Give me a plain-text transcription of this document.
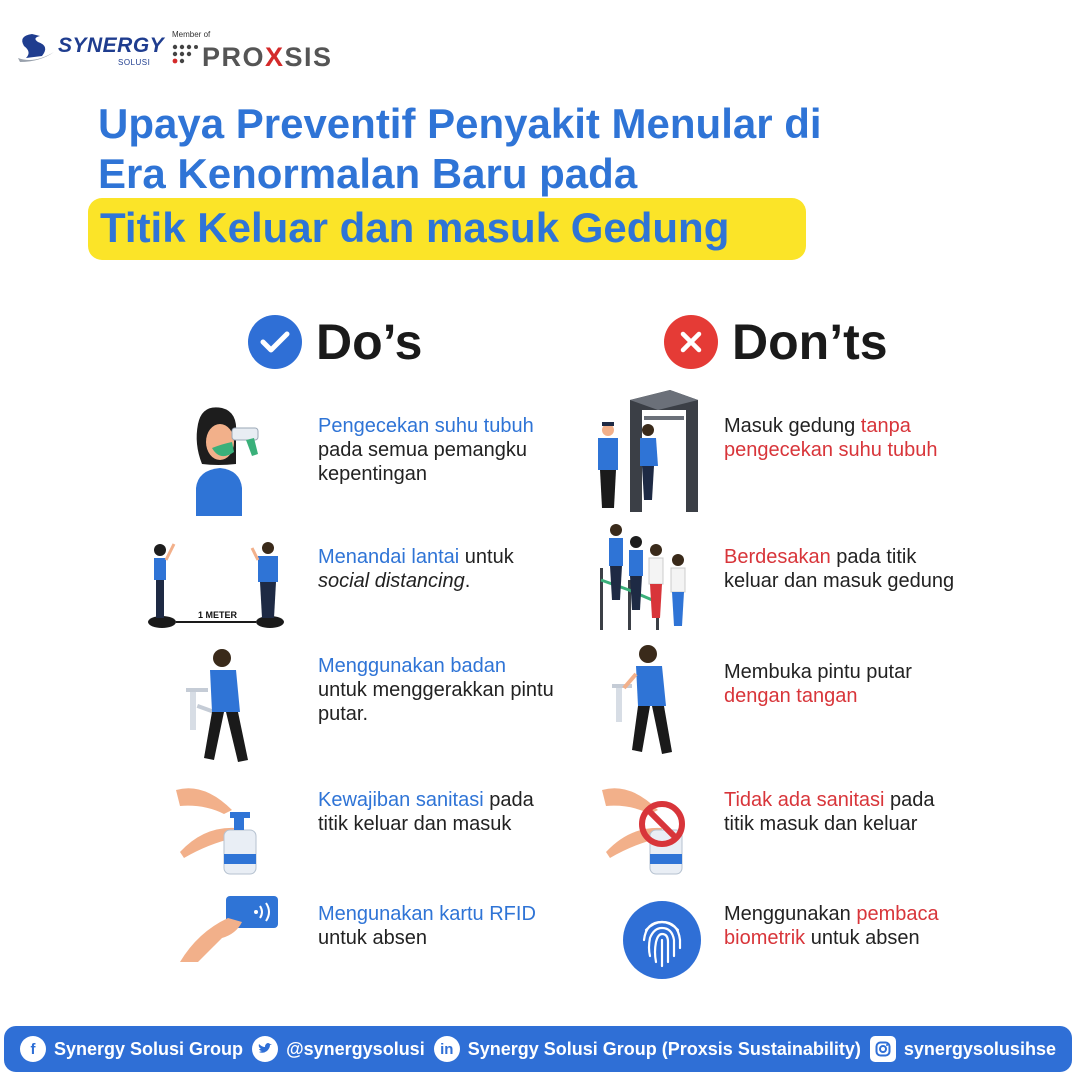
SYNERGY
SOLUSI
Member of
PROXSIS
Upaya Preventif Penyakit Menular di
Era Kenormalan Baru pada
Titik Keluar dan masuk Gedung
Do’s	Don’ts
Pengecekan suhu tubuh pada semua pemangku kepentingan
1 METER
Menandai lantai untuk social distancing.
Menggunakan badan untuk menggerakkan pintu putar.
Kewajiban sanitasi pada titik keluar dan masuk
Mengunakan kartu RFID untuk absen
Masuk gedung tanpa pengecekan suhu tubuh
Berdesakan pada titik keluar dan masuk gedung
Membuka pintu putar dengan tangan
Tidak ada sanitasi pada titik masuk dan keluar
Menggunakan pembaca biometrik untuk absen
f	Synergy Solusi Group @synergysolusi	in Synergy Solusi Group (Proxsis Sustainability) synergysolusihse
